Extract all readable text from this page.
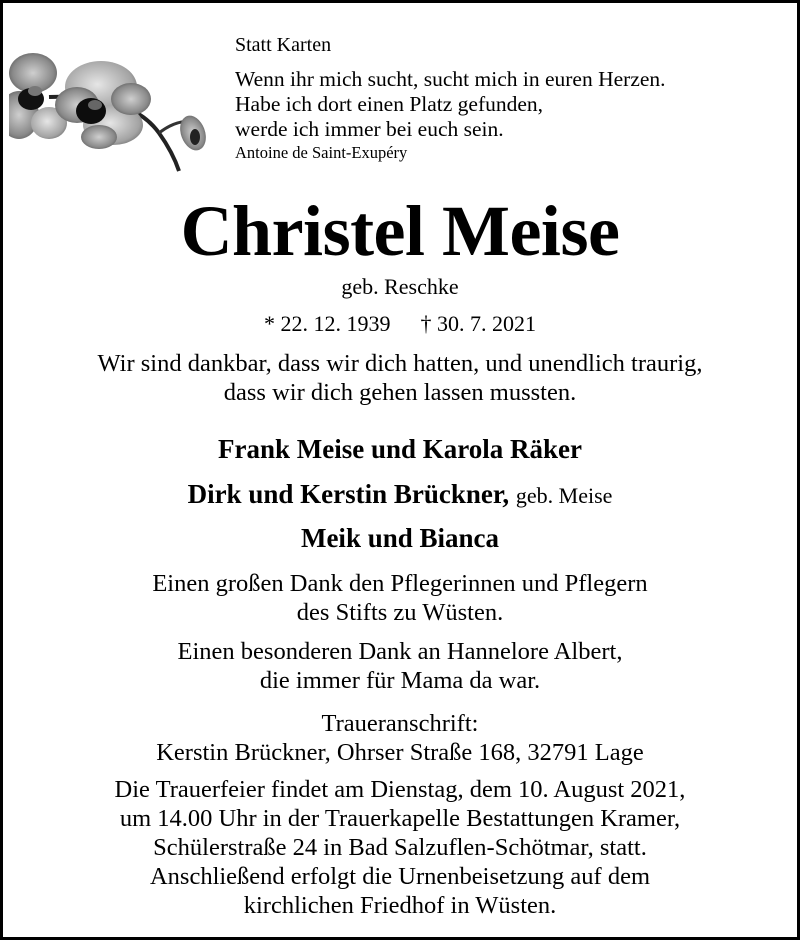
Statt Karten

Wenn ihr mich sucht, sucht mich in euren Herzen.
Habe ich dort einen Platz gefunden,
werde ich immer bei euch sein.

Antoine de Saint-Exupéry

Christel Meise
geb. Reschke
* 22. 12. 1939 † 30. 7. 2021
Wir sind dankbar, dass wir dich hatten, und unendlich traurig,
dass wir dich gehen lassen mussten.
Frank Meise und Karola Räker
Dirk und Kerstin Brückner, geb. Meise
Meik und Bianca
Einen großen Dank den Pflegerinnen und Pflegern
des Stifts zu Wüsten.
Einen besonderen Dank an Hannelore Albert,
die immer für Mama da war.
Traueranschrift:
Kerstin Brückner, Ohrser Straße 168, 32791 Lage
Die Trauerfeier findet am Dienstag, dem 10. August 2021,
um 14.00 Uhr in der Trauerkapelle Bestattungen Kramer,
Schülerstraße 24 in Bad Salzuflen-Schötmar, statt.
Anschließend erfolgt die Urnenbeisetzung auf dem
kirchlichen Friedhof in Wüsten.
